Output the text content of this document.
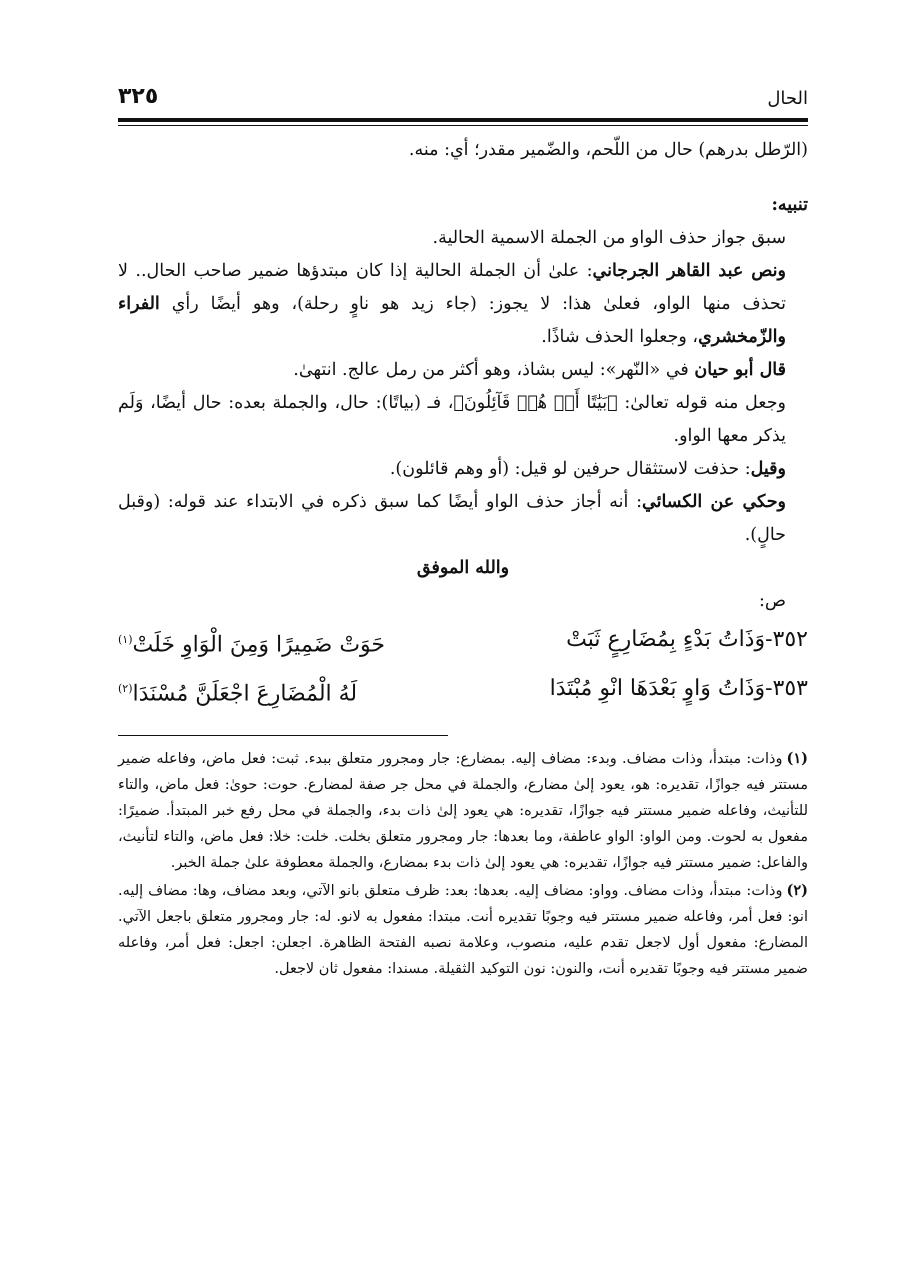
الحال
٣٢٥

(الرّطل بدرهم) حال من اللّحم، والضّمير مقدر؛ أي: منه.

تنبيه:

سبق جواز حذف الواو من الجملة الاسمية الحالية.

ونص عبد القاهر الجرجاني: علىٰ أن الجملة الحالية إذا كان مبتدؤها ضمير صاحب الحال.. لا تحذف منها الواو، فعلىٰ هذا: لا يجوز: (جاء زيد هو ناوٍ رحلة)، وهو أيضًا رأي الفراء والزّمخشري، وجعلوا الحذف شاذًا.

قال أبو حيان في «النّهر»: ليس بشاذ، وهو أكثر من رمل عالج. انتهىٰ.

وجعل منه قوله تعالىٰ: ﴿بَيَٰتًا أَوۡ هُمۡ قَآئِلُونَ﴾، فـ (بياتًا): حال، والجملة بعده: حال أيضًا، وَلَم يذكر معها الواو.

وقيل: حذفت لاستثقال حرفين لو قيل: (أو وهم قائلون).

وحكي عن الكسائي: أنه أجاز حذف الواو أيضًا كما سبق ذكره في الابتداء عند قوله: (وقبل حالٍ).

والله الموفق

ص:

٣٥٢-وَذَاتُ بَدْءٍ بِمُضَارِعٍ ثَبَتْ
حَوَتْ ضَمِيرًا وَمِنَ الْوَاوِ خَلَتْ$^{(١)}$
٣٥٣-وَذَاتُ وَاوٍ بَعْدَهَا انْوِ مُبْتَدَا
لَهُ الْمُضَارِعَ اجْعَلَنَّ مُسْنَدَا$^{(٢)}$

(١)وذات: مبتدأ، وذات مضاف. وبدء: مضاف إليه. بمضارع: جار ومجرور متعلق ببدء. ثبت: فعل ماض، وفاعله ضمير مستتر فيه جوازًا، تقديره: هو، يعود إلىٰ مضارع، والجملة في محل جر صفة لمضارع. حوت: حوىٰ: فعل ماض، والتاء للتأنيث، وفاعله ضمير مستتر فيه جوازًا، تقديره: هي يعود إلىٰ ذات بدء، والجملة في محل رفع خبر المبتدأ. ضميرًا: مفعول به لحوت. ومن الواو: الواو عاطفة، وما بعدها: جار ومجرور متعلق بخلت. خلت: خلا: فعل ماض، والتاء لتأنيث، والفاعل: ضمير مستتر فيه جوازًا، تقديره: هي يعود إلىٰ ذات بدء بمضارع، والجملة معطوفة علىٰ جملة الخبر.

(٢)وذات: مبتدأ، وذات مضاف. وواو: مضاف إليه. بعدها: بعد: ظرف متعلق بانو الآتي، وبعد مضاف، وها: مضاف إليه. انو: فعل أمر، وفاعله ضمير مستتر فيه وجوبًا تقديره أنت. مبتدا: مفعول به لانو. له: جار ومجرور متعلق باجعل الآتي. المضارع: مفعول أول لاجعل تقدم عليه، منصوب، وعلامة نصبه الفتحة الظاهرة. اجعلن: اجعل: فعل أمر، وفاعله ضمير مستتر فيه وجوبًا تقديره أنت، والنون: نون التوكيد الثقيلة. مسندا: مفعول ثان لاجعل.
